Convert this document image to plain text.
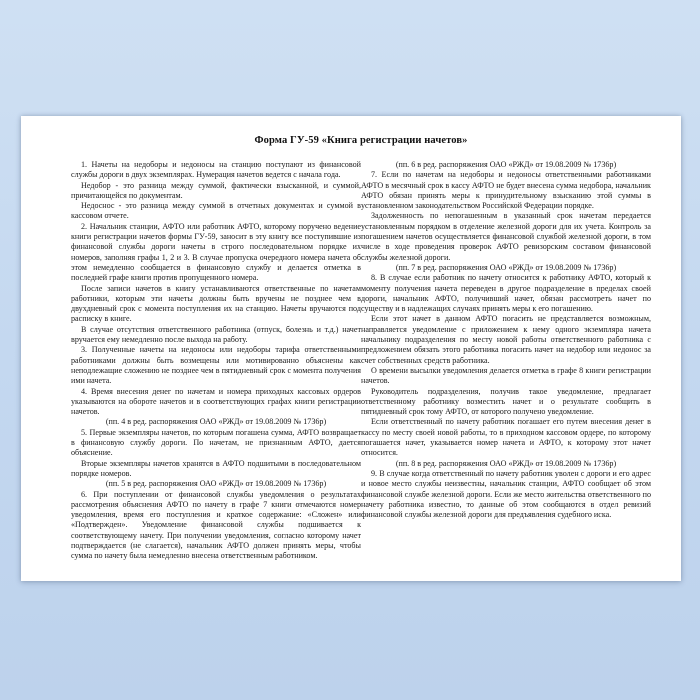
Форма ГУ-59 «Книга регистрации начетов»

1. Начеты на недоборы и недоносы на станцию поступают из финансовой службы дороги в двух экземплярах. Нумерация начетов ведется с начала года.

Недобор - это разница между суммой, фактически взысканной, и суммой, причитающейся по документам.

Недоснос - это разница между суммой в отчетных документах и суммой в кассовом отчете.

2. Начальник станции, АФТО или работник АФТО, которому поручено ведение книги регистрации начетов формы ГУ-59, заносит в эту книгу все поступившие из финансовой службы дороги начеты в строго последовательном порядке их номеров, заполняя графы 1, 2 и 3. В случае пропуска очередного номера начета об этом немедленно сообщается в финансовую службу и делается отметка в последней графе книги против пропущенного номера.

После записи начетов в книгу устанавливаются ответственные по начетам работники, которым эти начеты должны быть вручены не позднее чем в двухдневный срок с момента поступления их на станцию. Начеты вручаются под расписку в книге.

В случае отсутствия ответственного работника (отпуск, болезнь и т.д.) начет вручается ему немедленно после выхода на работу.

3. Полученные начеты на недоносы или недоборы тарифа ответственными работниками должны быть возмещены или мотивированно объяснены как неподлежащие сложению не позднее чем в пятидневный срок с момента получения ими начета.

4. Время внесения денег по начетам и номера приходных кассовых ордеров указываются на обороте начетов и в соответствующих графах книги регистрации начетов.

(пп. 4 в ред. распоряжения ОАО «РЖД» от 19.08.2009 № 1736р)

5. Первые экземпляры начетов, по которым погашена сумма, АФТО возвращает в финансовую службу дороги. По начетам, не признанным АФТО, дается объяснение.

Вторые экземпляры начетов хранятся в АФТО подшитыми в последовательном порядке номеров.

(пп. 5 в ред. распоряжения ОАО «РЖД» от 19.08.2009 № 1736р)

6. При поступлении от финансовой службы уведомления о результатах рассмотрения объяснения АФТО по начету в графе 7 книги отмечаются номер уведомления, время его поступления и краткое содержание: «Сложен» или «Подтвержден». Уведомление финансовой службы подшивается к соответствующему начету. При получении уведомления, согласно которому начет подтверждается (не слагается), начальник АФТО должен принять меры, чтобы сумма по начету была немедленно внесена ответственным работником.

(пп. 6 в ред. распоряжения ОАО «РЖД» от 19.08.2009 № 1736р)

7. Если по начетам на недоборы и недоносы ответственными работниками АФТО в месячный срок в кассу АФТО не будет внесена сумма недобора, начальник АФТО обязан принять меры к принудительному взысканию этой суммы в установленном законодательством Российской Федерации порядке.

Задолженность по непогашенным в указанный срок начетам передается установленным порядком в отделение железной дороги для их учета. Контроль за погашением начетов осуществляется финансовой службой железной дороги, в том числе в ходе проведения проверок АФТО ревизорским составом финансовой службы железной дороги.

(пп. 7 в ред. распоряжения ОАО «РЖД» от 19.08.2009 № 1736р)

8. В случае если работник по начету относится к работнику АФТО, который к моменту получения начета переведен в другое подразделение в пределах своей дороги, начальник АФТО, получивший начет, обязан рассмотреть начет по существу и в надлежащих случаях принять меры к его погашению.

Если этот начет в данном АФТО погасить не представляется возможным, направляется уведомление с приложением к нему одного экземпляра начета начальнику подразделения по месту новой работы ответственного работника с предложением обязать этого работника погасить начет на недобор или недонос за счет собственных средств работника.

О времени высылки уведомления делается отметка в графе 8 книги регистрации начетов.

Руководитель подразделения, получив такое уведомление, предлагает ответственному работнику возместить начет и о результате сообщить в пятидневный срок тому АФТО, от которого получено уведомление.

Если ответственный по начету работник погашает его путем внесения денег в кассу по месту своей новой работы, то в приходном кассовом ордере, по которому погашается начет, указывается номер начета и АФТО, к которому этот начет относится.

(пп. 8 в ред. распоряжения ОАО «РЖД» от 19.08.2009 № 1736р)

9. В случае когда ответственный по начету работник уволен с дороги и его адрес и новое место службы неизвестны, начальник станции, АФТО сообщает об этом финансовой службе железной дороги. Если же место жительства ответственного по начету работника известно, то данные об этом сообщаются в отдел ревизий финансовой службы железной дороги для предъявления судебного иска.
